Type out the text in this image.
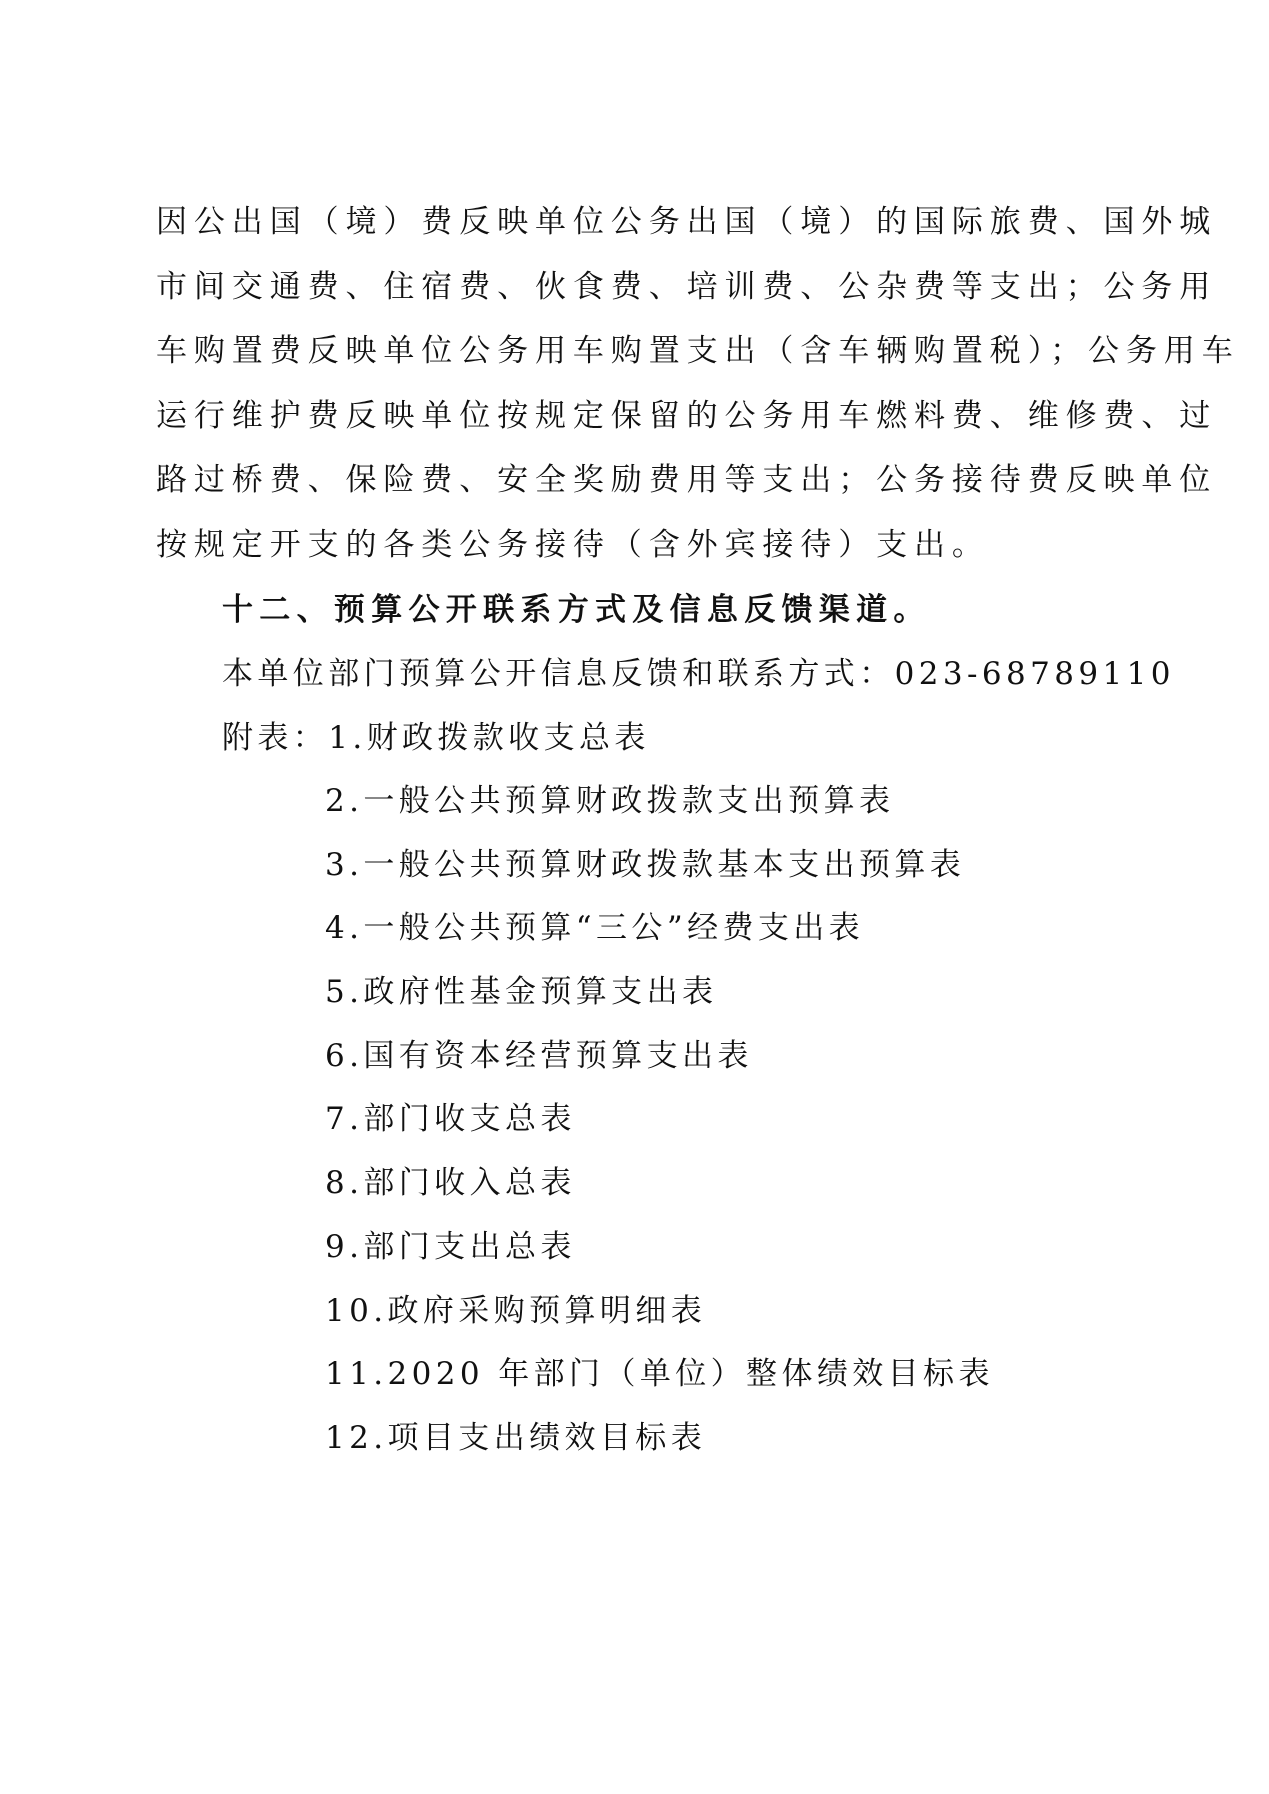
因公出国（境）费反映单位公务出国（境）的国际旅费、国外城
市间交通费、住宿费、伙食费、培训费、公杂费等支出；公务用
车购置费反映单位公务用车购置支出（含车辆购置税）；公务用车
运行维护费反映单位按规定保留的公务用车燃料费、维修费、过
路过桥费、保险费、安全奖励费用等支出；公务接待费反映单位
按规定开支的各类公务接待（含外宾接待）支出。

十二、预算公开联系方式及信息反馈渠道。

本单位部门预算公开信息反馈和联系方式：023-68789110

附表：1.财政拨款收支总表

2.一般公共预算财政拨款支出预算表
3.一般公共预算财政拨款基本支出预算表
4.一般公共预算“三公”经费支出表
5.政府性基金预算支出表
6.国有资本经营预算支出表
7.部门收支总表
8.部门收入总表
9.部门支出总表
10.政府采购预算明细表
11.2020 年部门（单位）整体绩效目标表
12.项目支出绩效目标表
